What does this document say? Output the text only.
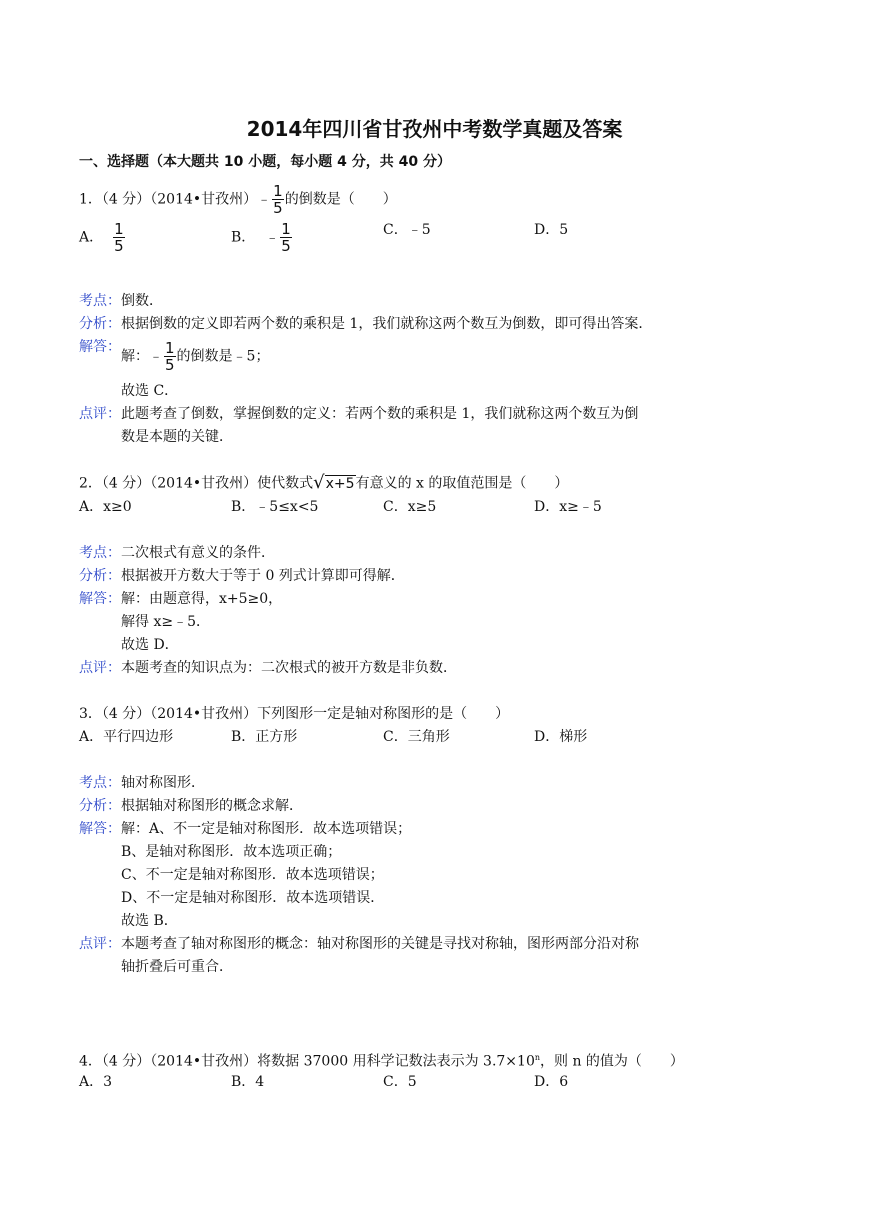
2014年四川省甘孜州中考数学真题及答案
一、选择题（本大题共 10 小题，每小题 4 分，共 40 分）
1．（4 分）（2014•甘孜州）﹣ $\frac{1}{5}$ 的倒数是（　　）
A． $\frac{1}{5}$	B． ﹣ $\frac{1}{5}$	C．﹣5	D．5
考点：倒数．
分析：根据倒数的定义即若两个数的乘积是 1，我们就称这两个数互为倒数，即可得出答案．
解答：
解：﹣ $\frac{1}{5}$ 的倒数是﹣5；
故选 C．
点评：此题考查了倒数，掌握倒数的定义：若两个数的乘积是 1，我们就称这两个数互为倒
数是本题的关键．
2．（4 分）（2014•甘孜州）使代数式√x+5有意义的 x 的取值范围是（　　）
A．x≥0	B．﹣5≤x<5	C．x≥5	D．x≥﹣5
考点：二次根式有意义的条件．
分析：根据被开方数大于等于 0 列式计算即可得解．
解答：解：由题意得，x+5≥0，
解得 x≥﹣5．
故选 D．
点评：本题考查的知识点为：二次根式的被开方数是非负数．
3．（4 分）（2014•甘孜州）下列图形一定是轴对称图形的是（　　）
A．平行四边形	B．正方形	C．三角形	D．梯形
考点：轴对称图形．
分析：根据轴对称图形的概念求解．
解答：解：A、不一定是轴对称图形．故本选项错误；
B、是轴对称图形．故本选项正确；
C、不一定是轴对称图形．故本选项错误；
D、不一定是轴对称图形．故本选项错误．
故选 B．
点评：本题考查了轴对称图形的概念：轴对称图形的关键是寻找对称轴，图形两部分沿对称
轴折叠后可重合．
4．（4 分）（2014•甘孜州）将数据 37000 用科学记数法表示为 $3.7\times 10^n$，则 n 的值为（　　）
A．3	B．4	C．5	D．6
